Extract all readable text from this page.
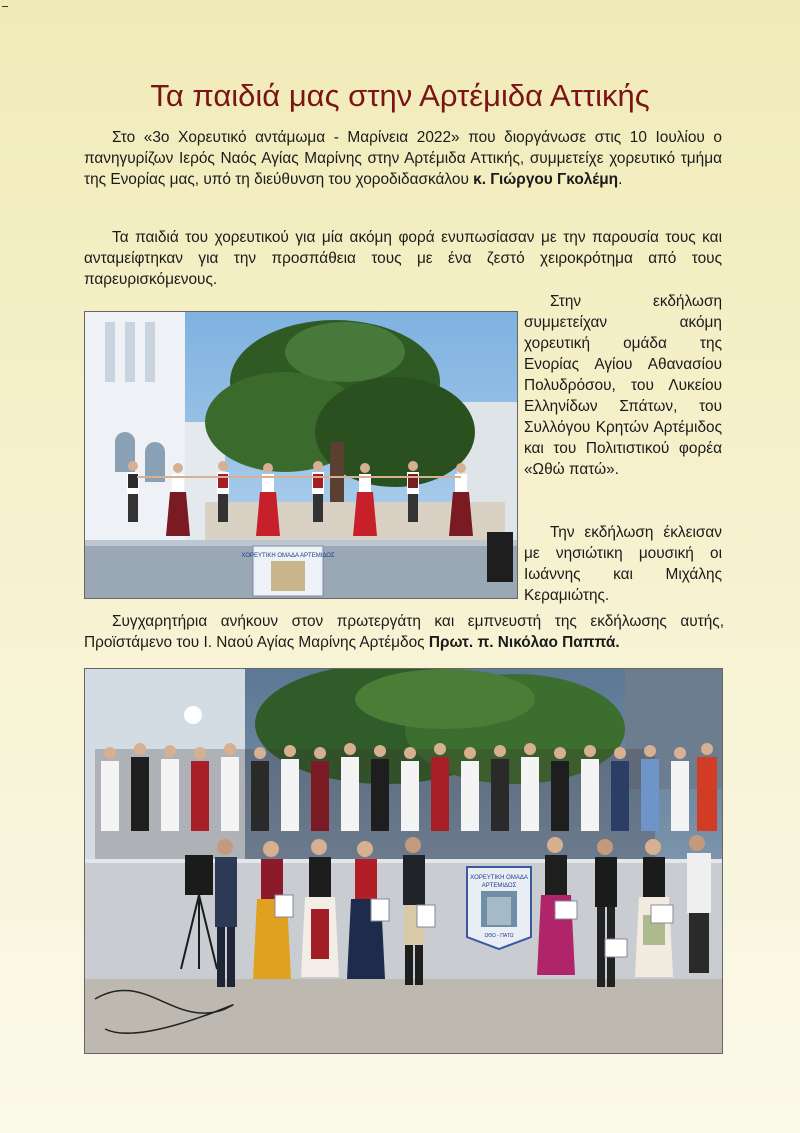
Τα παιδιά μας στην Αρτέμιδα Αττικής

Στο «3ο Χορευτικό αντάμωμα - Μαρίνεια 2022» που διοργάνωσε στις 10 Ιουλίου ο πανηγυρίζων Ιερός Ναός Αγίας Μαρίνης στην Αρτέμιδα Αττικής, συμμετείχε χορευτικό τμήμα της Ενορίας μας, υπό τη διεύθυνση του χοροδιδασκάλου κ. Γιώργου Γκολέμη.

Τα παιδιά του χορευτικού για μία ακόμη φορά ενυπωσίασαν με την παρουσία τους και ανταμείφτηκαν για την προσπάθεια τους με ένα ζεστό χειροκρότημα από τους παρευρισκόμενους.

ΧΟΡΕΥΤΙΚΗ ΟΜΑΔΑ ΑΡΤΕΜΙΔΟΣ

Στην εκδήλωση συμμετείχαν ακόμη χορευτική ομάδα της Ενορίας Αγίου Αθανασίου Πολυδρόσου, του Λυκείου Ελληνίδων Σπάτων, του Συλλόγου Κρητών Αρτέμιδος και του Πολιτιστικού φορέα «Ωθώ πατώ».

Την εκδήλωση έκλεισαν με νησιώτικη μουσική οι Ιωάννης και Μιχάλης Κεραμιώτης.

Συγχαρητήρια ανήκουν στον πρωτεργάτη και εμπνευστή της εκδήλωσης αυτής, Προϊστάμενο του Ι. Ναού Αγίας Μαρίνης Αρτέμδος Πρωτ. π. Νικόλαο Παππά.

ΧΟΡΕΥΤΙΚΗ ΟΜΑΔΑ
ΑΡΤΕΜΙΔΟΣ
ΩΘΩ - ΠΑΤΩ
